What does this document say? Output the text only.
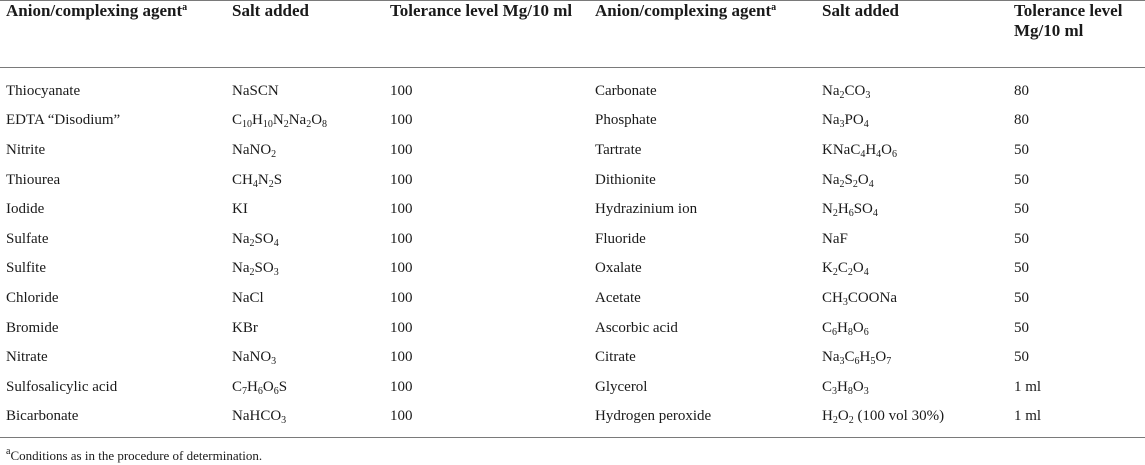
Anion/complexing agent$^a$	Salt added	Tolerance level Mg/10 ml	Anion/complexing agent$^a$	Salt added	Tolerance level Mg/10 ml
Thiocyanate	NaSCN	100	Carbonate	$Na_2CO_3$	80
EDTA “Disodium”	$C_{10}H_{10}N_2Na_2O_8$	100	Phosphate	$Na_3PO_4$	80
Nitrite	NaNO$_2$	100	Tartrate	$KNaC_4H_4O_6$	50
Thiourea	$CH_4N_2S$	100	Dithionite	$Na_2S_2O_4$	50
Iodide	KI	100	Hydrazinium ion	$N_2H_6SO_4$	50
Sulfate	$Na_2SO_4$	100	Fluoride	NaF	50
Sulfite	$Na_2SO_3$	100	Oxalate	$K_2C_2O_4$	50
Chloride	NaCl	100	Acetate	$CH_3COONa$	50
Bromide	KBr	100	Ascorbic acid	$C_6H_8O_6$	50
Nitrate	NaNO$_3$	100	Citrate	$Na_3C_6H_5O_7$	50
Sulfosalicylic acid	$C_7H_6O_6S$	100	Glycerol	$C_3H_8O_3$	1 ml
Bicarbonate	NaHCO$_3$	100	Hydrogen peroxide	$H_2O_2$ (100 vol 30%)	1 ml
$^a$Conditions as in the procedure of determination.
